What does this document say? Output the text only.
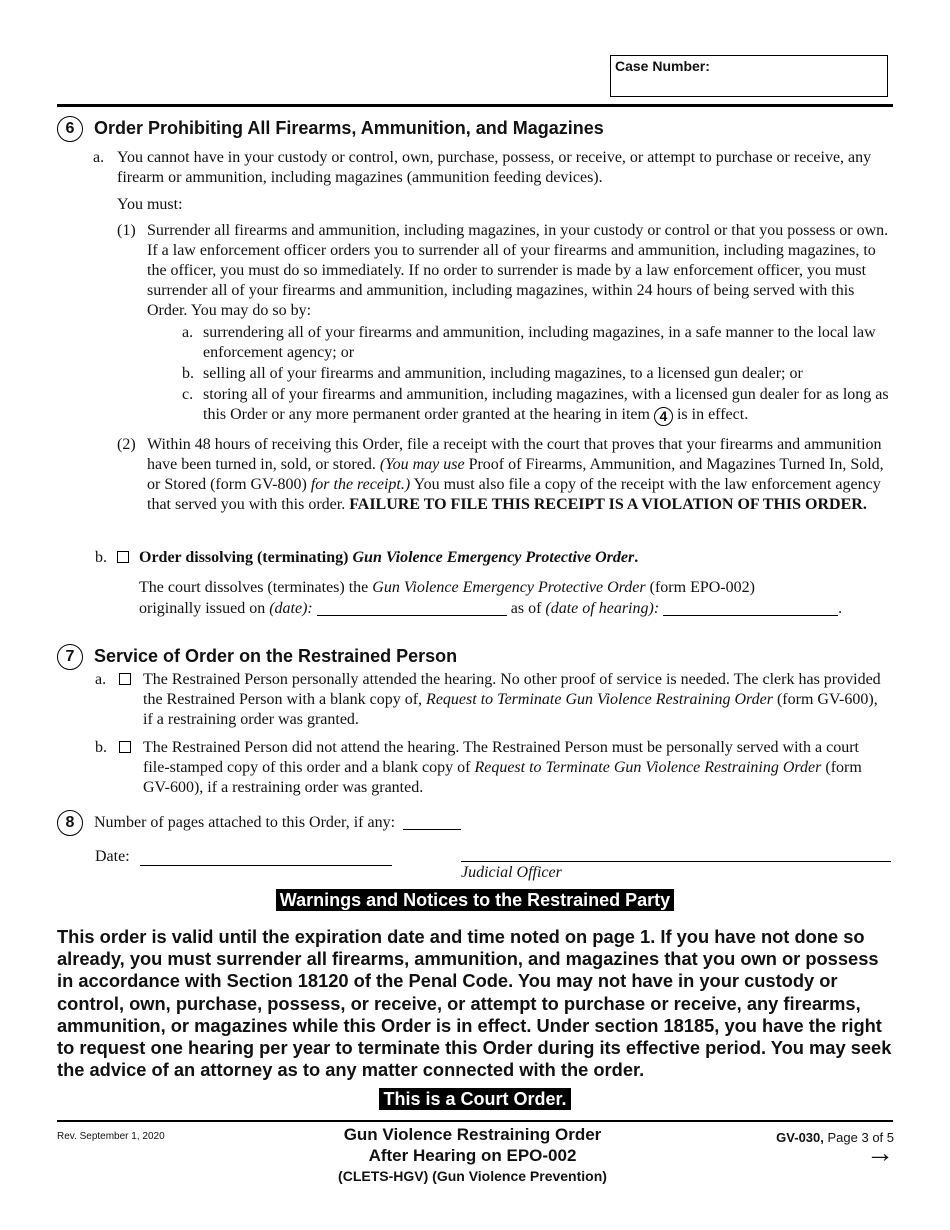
Case Number:
6	Order Prohibiting All Firearms, Ammunition, and Magazines
a. You cannot have in your custody or control, own, purchase, possess, or receive, or attempt to purchase or receive, any firearm or ammunition, including magazines (ammunition feeding devices).
You must:
(1) Surrender all firearms and ammunition, including magazines, in your custody or control or that you possess or own. If a law enforcement officer orders you to surrender all of your firearms and ammunition, including magazines, to the officer, you must do so immediately. If no order to surrender is made by a law enforcement officer, you must surrender all of your firearms and ammunition, including magazines, within 24 hours of being served with this Order. You may do so by:
a. surrendering all of your firearms and ammunition, including magazines, in a safe manner to the local law enforcement agency; or
b. selling all of your firearms and ammunition, including magazines, to a licensed gun dealer; or
c. storing all of your firearms and ammunition, including magazines, with a licensed gun dealer for as long as this Order or any more permanent order granted at the hearing in item 4 is in effect.
(2) Within 48 hours of receiving this Order, file a receipt with the court that proves that your firearms and ammunition have been turned in, sold, or stored. (You may use Proof of Firearms, Ammunition, and Magazines Turned In, Sold, or Stored (form GV-800) for the receipt.) You must also file a copy of the receipt with the law enforcement agency that served you with this order. FAILURE TO FILE THIS RECEIPT IS A VIOLATION OF THIS ORDER.
b. Order dissolving (terminating) Gun Violence Emergency Protective Order.
The court dissolves (terminates) the Gun Violence Emergency Protective Order (form EPO-002)
originally issued on (date):	as of (date of hearing):	.
7	Service of Order on the Restrained Person
a. The Restrained Person personally attended the hearing. No other proof of service is needed. The clerk has provided the Restrained Person with a blank copy of, Request to Terminate Gun Violence Restraining Order (form GV-600), if a restraining order was granted.
b. The Restrained Person did not attend the hearing. The Restrained Person must be personally served with a court file-stamped copy of this order and a blank copy of Request to Terminate Gun Violence Restraining Order (form GV-600), if a restraining order was granted.
8	Number of pages attached to this Order, if any:
Date:
Judicial Officer
Warnings and Notices to the Restrained Party
This order is valid until the expiration date and time noted on page 1. If you have not done so already, you must surrender all firearms, ammunition, and magazines that you own or possess in accordance with Section 18120 of the Penal Code. You may not have in your custody or control, own, purchase, possess, or receive, or attempt to purchase or receive, any firearms, ammunition, or magazines while this Order is in effect. Under section 18185, you have the right to request one hearing per year to terminate this Order during its effective period. You may seek the advice of an attorney as to any matter connected with the order.
This is a Court Order.
Rev. September 1, 2020	Gun Violence Restraining Order
After Hearing on EPO-002
(CLETS-HGV) (Gun Violence Prevention)
GV-030, Page 3 of 5
→
